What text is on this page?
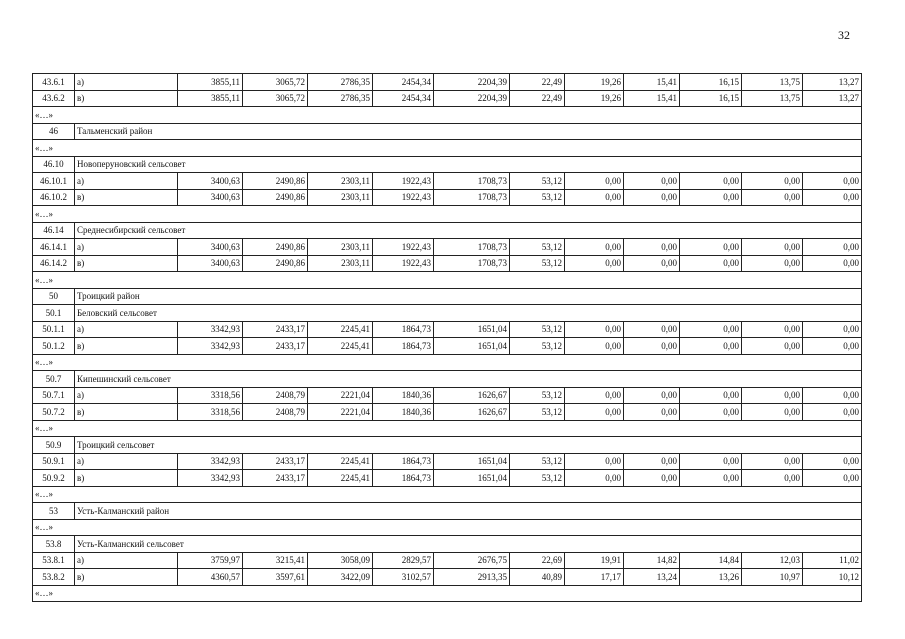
32
43.6.1	а)	3855,11	3065,72	2786,35	2454,34	2204,39	22,49	19,26	15,41	16,15	13,75	13,27
43.6.2	в)	3855,11	3065,72	2786,35	2454,34	2204,39	22,49	19,26	15,41	16,15	13,75	13,27
«…»												
46	Тальменский район											
«…»												
46.10	Новоперуновский сельсовет											
46.10.1	а)	3400,63	2490,86	2303,11	1922,43	1708,73	53,12	0,00	0,00	0,00	0,00	0,00
46.10.2	в)	3400,63	2490,86	2303,11	1922,43	1708,73	53,12	0,00	0,00	0,00	0,00	0,00
«…»												
46.14	Среднесибирский сельсовет											
46.14.1	а)	3400,63	2490,86	2303,11	1922,43	1708,73	53,12	0,00	0,00	0,00	0,00	0,00
46.14.2	в)	3400,63	2490,86	2303,11	1922,43	1708,73	53,12	0,00	0,00	0,00	0,00	0,00
«…»												
50	Троицкий район											
50.1	Беловский сельсовет											
50.1.1	а)	3342,93	2433,17	2245,41	1864,73	1651,04	53,12	0,00	0,00	0,00	0,00	0,00
50.1.2	в)	3342,93	2433,17	2245,41	1864,73	1651,04	53,12	0,00	0,00	0,00	0,00	0,00
«…»												
50.7	Кипешинский сельсовет											
50.7.1	а)	3318,56	2408,79	2221,04	1840,36	1626,67	53,12	0,00	0,00	0,00	0,00	0,00
50.7.2	в)	3318,56	2408,79	2221,04	1840,36	1626,67	53,12	0,00	0,00	0,00	0,00	0,00
«…»												
50.9	Троицкий сельсовет											
50.9.1	а)	3342,93	2433,17	2245,41	1864,73	1651,04	53,12	0,00	0,00	0,00	0,00	0,00
50.9.2	в)	3342,93	2433,17	2245,41	1864,73	1651,04	53,12	0,00	0,00	0,00	0,00	0,00
«…»												
53	Усть-Калманский район											
«…»												
53.8	Усть-Калманский сельсовет											
53.8.1	а)	3759,97	3215,41	3058,09	2829,57	2676,75	22,69	19,91	14,82	14,84	12,03	11,02
53.8.2	в)	4360,57	3597,61	3422,09	3102,57	2913,35	40,89	17,17	13,24	13,26	10,97	10,12
«…»												
